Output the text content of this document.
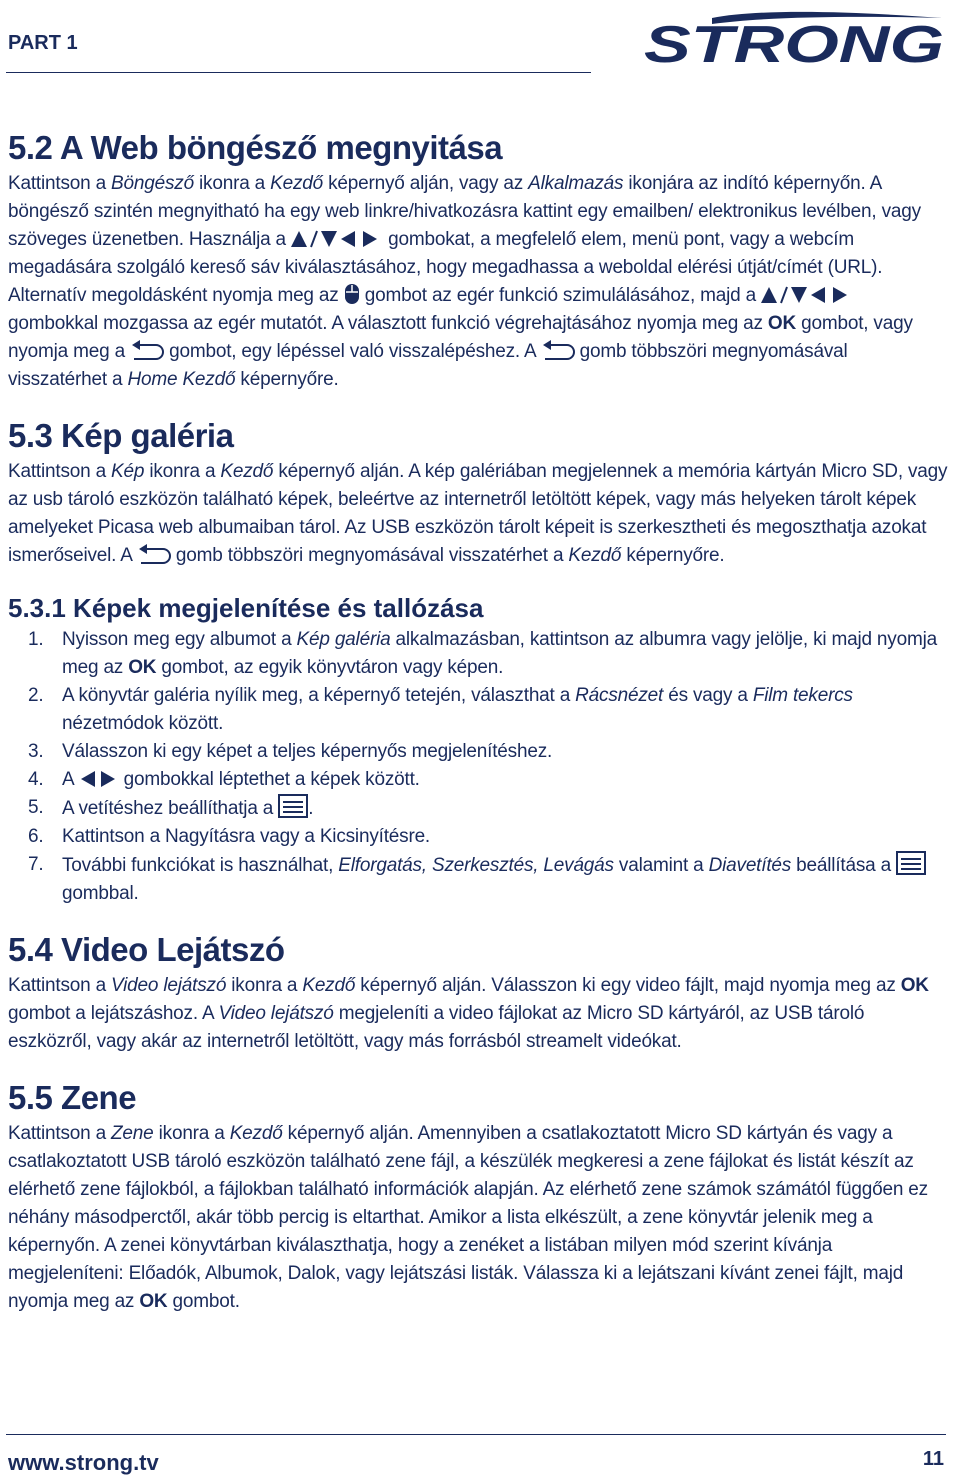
PART 1	STRONG
5.2 A Web böngésző megnyitása

Kattintson a Böngésző ikonra a Kezdő képernyő alján, vagy az Alkalmazás ikonjára az indító képernyőn. A böngésző szintén megnyitható ha egy web linkre/hivatkozásra kattint egy emailben/ elektronikus levélben, vagy szöveges üzenetben. Használja a	gombokat, a megfelelő elem, menü pont, vagy a webcím megadására szolgáló kereső sáv kiválasztásához, hogy megadhassa a weboldal elérési útját/címét (URL). Alternatív megoldásként nyomja meg az  gombot az egér funkció szimulálásához, majd a  gombokkal mozgassa az egér mutatót. A választott funkció végrehajtásához nyomja meg az OK gombot, vagy nyomja meg a  gombot, egy lépéssel való visszalépéshez. A  gomb többszöri megnyomásával visszatérhet a Home Kezdő képernyőre.

5.3 Kép galéria

Kattintson a Kép ikonra a Kezdő képernyő alján. A kép galériában megjelennek a memória kártyán Micro SD, vagy az usb tároló eszközön található képek, beleértve az internetről letöltött képek, vagy más helyeken tárolt képek amelyeket Picasa web albumaiban tárol. Az USB eszközön tárolt képeit is szerkesztheti és megoszthatja azokat ismerőseivel. A  gomb többszöri megnyomásával visszatérhet a Kezdő képernyőre.

5.3.1 Képek megjelenítése és tallózása
1. Nyisson meg egy albumot a Kép galéria alkalmazásban, kattintson az albumra vagy jelölje, ki majd nyomja meg az OK gombot, az egyik könyvtáron vagy képen.
2. A könyvtár galéria nyílik meg, a képernyő tetején, választhat a Rácsnézet és vagy a Film tekercs nézetmódok között.
3. Válasszon ki egy képet a teljes képernyős megjelenítéshez.
4. A  gombokkal léptethet a képek között.
5. A vetítéshez beállíthatja a .
6. Kattintson a Nagyításra vagy a Kicsinyítésre.
7. További funkciókat is használhat, Elforgatás, Szerkesztés, Levágás valamint a Diavetítés beállítása a gombbal.
5.4 Video Lejátszó

Kattintson a Video lejátszó ikonra a Kezdő képernyő alján. Válasszon ki egy video fájlt, majd nyomja meg az OK gombot a lejátszáshoz. A Video lejátszó megjeleníti a video fájlokat az Micro SD kártyáról, az USB tároló eszközről, vagy akár az internetről letöltött, vagy más forrásból streamelt videókat.

5.5 Zene

Kattintson a Zene ikonra a Kezdő képernyő alján. Amennyiben a csatlakoztatott Micro SD kártyán és vagy a csatlakoztatott USB tároló eszközön található zene fájl, a készülék megkeresi a zene fájlokat és listát készít az elérhető zene fájlokból, a fájlokban található információk alapján. Az elérhető zene számok számától függően ez néhány másodperctől, akár több percig is eltarthat. Amikor a lista elkészült, a zene könyvtár jelenik meg a képernyőn. A zenei könyvtárban kiválaszthatja, hogy a zenéket a listában milyen mód szerint kívánja megjeleníteni: Előadók, Albumok, Dalok, vagy lejátszási listák. Válassza ki a lejátszani kívánt zenei fájlt, majd nyomja meg az OK gombot.

www.strong.tv	11
